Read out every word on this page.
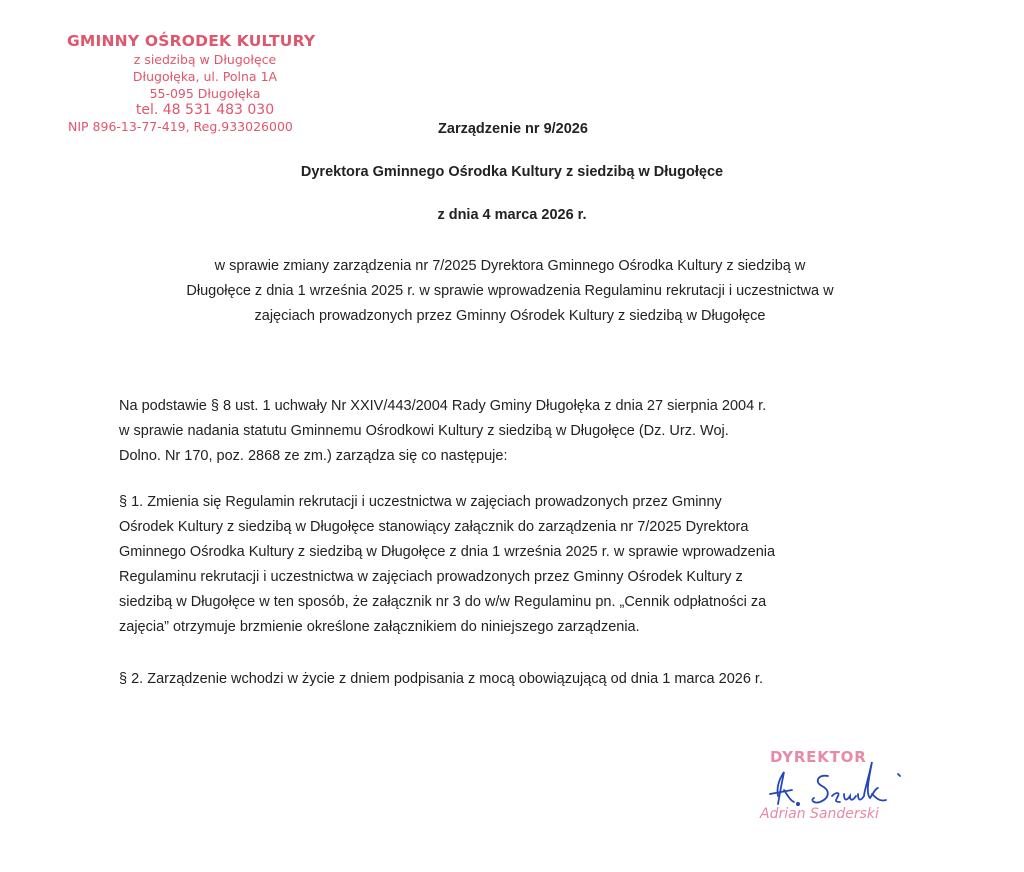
GMINNY OŚRODEK KULTURY
z siedzibą w Długołęce
Długołęka, ul. Polna 1A
55-095 Długołęka
tel. 48 531 483 030
NIP 896-13-77-419, Reg.933026000	Zarządzenie nr 9/2026
Dyrektora Gminnego Ośrodka Kultury z siedzibą w Długołęce
z dnia 4 marca 2026 r.
w sprawie zmiany zarządzenia nr 7/2025 Dyrektora Gminnego Ośrodka Kultury z siedzibą w
Długołęce z dnia 1 września 2025 r. w sprawie wprowadzenia Regulaminu rekrutacji i uczestnictwa w
zajęciach prowadzonych przez Gminny Ośrodek Kultury z siedzibą w Długołęce
Na podstawie § 8 ust. 1 uchwały Nr XXIV/443/2004 Rady Gminy Długołęka z dnia 27 sierpnia 2004 r.
w sprawie nadania statutu Gminnemu Ośrodkowi Kultury z siedzibą w Długołęce (Dz. Urz. Woj.
Dolno. Nr 170, poz. 2868 ze zm.) zarządza się co następuje:
§ 1. Zmienia się Regulamin rekrutacji i uczestnictwa w zajęciach prowadzonych przez Gminny
Ośrodek Kultury z siedzibą w Długołęce stanowiący załącznik do zarządzenia nr 7/2025 Dyrektora
Gminnego Ośrodka Kultury z siedzibą w Długołęce z dnia 1 września 2025 r. w sprawie wprowadzenia
Regulaminu rekrutacji i uczestnictwa w zajęciach prowadzonych przez Gminny Ośrodek Kultury z
siedzibą w Długołęce w ten sposób, że załącznik nr 3 do w/w Regulaminu pn. „Cennik odpłatności za
zajęcia” otrzymuje brzmienie określone załącznikiem do niniejszego zarządzenia.
§ 2. Zarządzenie wchodzi w życie z dniem podpisania z mocą obowiązującą od dnia 1 marca 2026 r.
DYREKTOR
Adrian Sanderski
